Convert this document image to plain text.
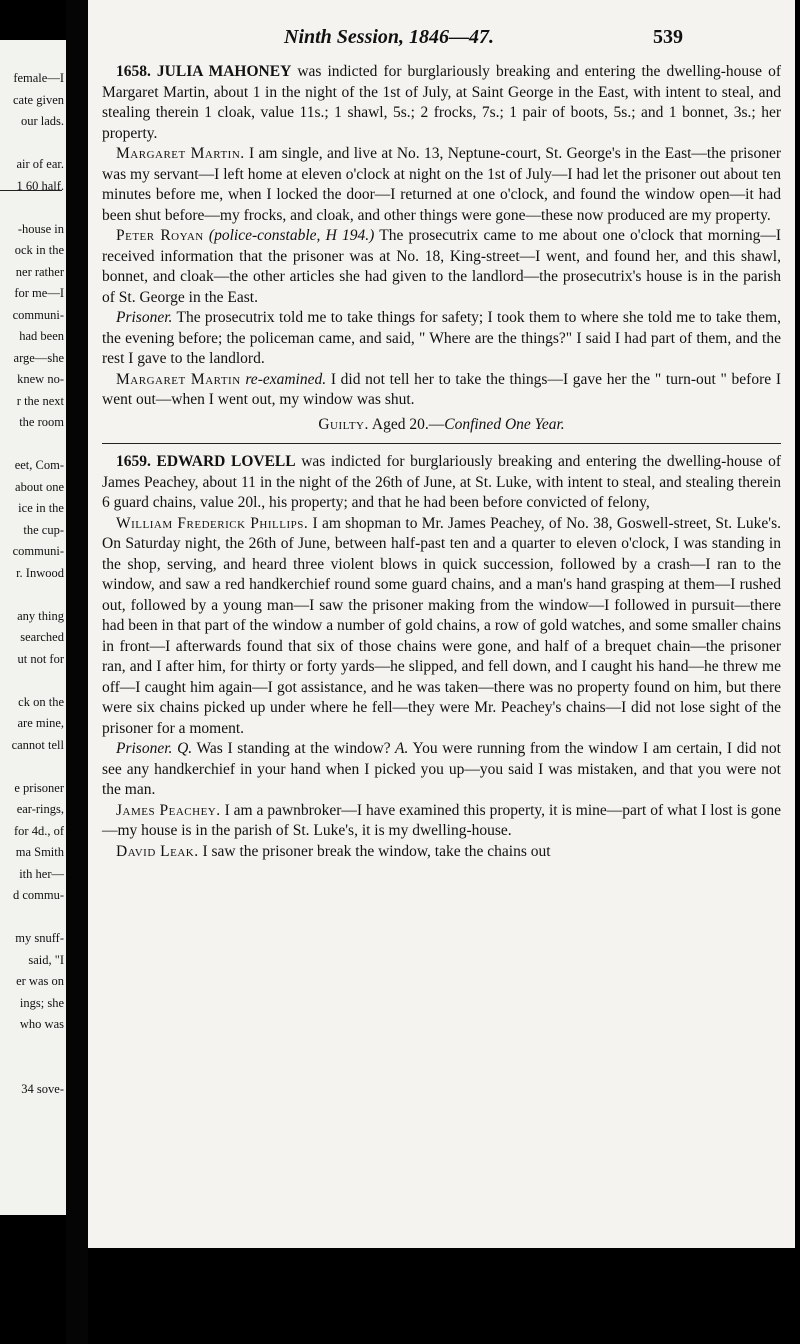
female—I
cate given
our lads.
air of ear.
1 60 half.
-house in
ock in the
ner rather
for me—I
communi-
had been
arge—she
knew no-
r the next
the room
eet, Com-
about one
ice in the
the cup-
communi-
r. Inwood
any thing
searched
ut not for
ck on the
are mine,
cannot tell
e prisoner
ear-rings,
for 4d., of
ma Smith
ith her—
d commu-
my snuff-
said, "I
er was on
ings; she
who was
34 sove-
Ninth Session, 1846—47.	539

1658. JULIA MAHONEY was indicted for burglariously breaking and entering the dwelling-house of Margaret Martin, about 1 in the night of the 1st of July, at Saint George in the East, with intent to steal, and stealing therein 1 cloak, value 11s.; 1 shawl, 5s.; 2 frocks, 7s.; 1 pair of boots, 5s.; and 1 bonnet, 3s.; her property.

Margaret Martin. I am single, and live at No. 13, Neptune-court, St. George's in the East—the prisoner was my servant—I left home at eleven o'clock at night on the 1st of July—I had let the prisoner out about ten minutes before me, when I locked the door—I returned at one o'clock, and found the window open—it had been shut before—my frocks, and cloak, and other things were gone—these now produced are my property.

Peter Royan (police-constable, H 194.) The prosecutrix came to me about one o'clock that morning—I received information that the prisoner was at No. 18, King-street—I went, and found her, and this shawl, bonnet, and cloak—the other articles she had given to the landlord—the prosecutrix's house is in the parish of St. George in the East.

Prisoner. The prosecutrix told me to take things for safety; I took them to where she told me to take them, the evening before; the policeman came, and said, " Where are the things?" I said I had part of them, and the rest I gave to the landlord.

Margaret Martin re-examined. I did not tell her to take the things—I gave her the " turn-out " before I went out—when I went out, my window was shut.

Guilty. Aged 20.—Confined One Year.

1659. EDWARD LOVELL was indicted for burglariously breaking and entering the dwelling-house of James Peachey, about 11 in the night of the 26th of June, at St. Luke, with intent to steal, and stealing therein 6 guard chains, value 20l., his property; and that he had been before convicted of felony,

William Frederick Phillips. I am shopman to Mr. James Peachey, of No. 38, Goswell-street, St. Luke's. On Saturday night, the 26th of June, between half-past ten and a quarter to eleven o'clock, I was standing in the shop, serving, and heard three violent blows in quick succession, followed by a crash—I ran to the window, and saw a red handkerchief round some guard chains, and a man's hand grasping at them—I rushed out, followed by a young man—I saw the prisoner making from the window—I followed in pursuit—there had been in that part of the window a number of gold chains, a row of gold watches, and some smaller chains in front—I afterwards found that six of those chains were gone, and half of a brequet chain—the prisoner ran, and I after him, for thirty or forty yards—he slipped, and fell down, and I caught his hand—he threw me off—I caught him again—I got assistance, and he was taken—there was no property found on him, but there were six chains picked up under where he fell—they were Mr. Peachey's chains—I did not lose sight of the prisoner for a moment.

Prisoner. Q. Was I standing at the window? A. You were running from the window I am certain, I did not see any handkerchief in your hand when I picked you up—you said I was mistaken, and that you were not the man.

James Peachey. I am a pawnbroker—I have examined this property, it is mine—part of what I lost is gone—my house is in the parish of St. Luke's, it is my dwelling-house.

David Leak. I saw the prisoner break the window, take the chains out
